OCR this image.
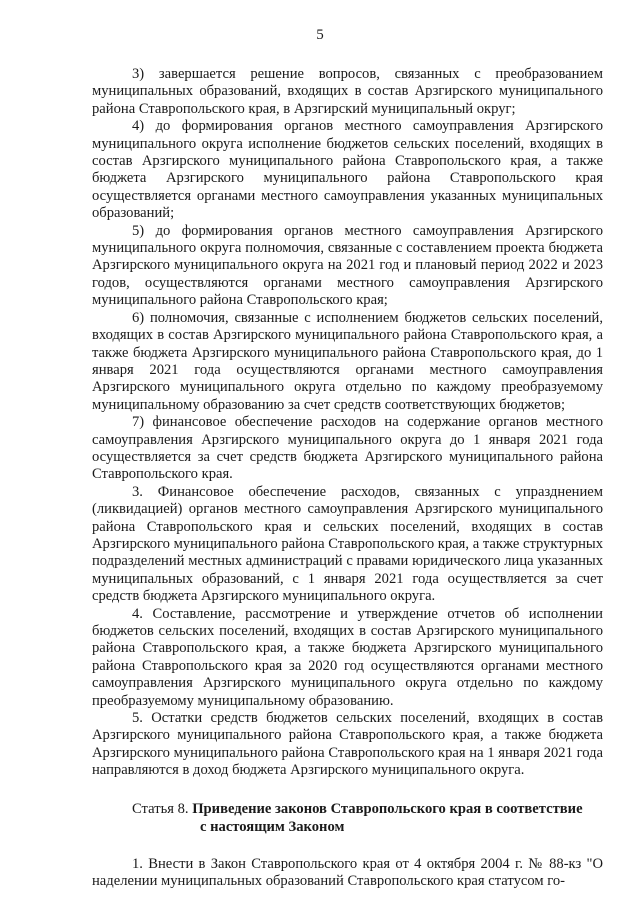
5

3) завершается решение вопросов, связанных с преобразованием муниципальных образований, входящих в состав Арзгирского муниципального района Ставропольского края, в Арзгирский муниципальный округ;

4) до формирования органов местного самоуправления Арзгирского муниципального округа исполнение бюджетов сельских поселений, входящих в состав Арзгирского муниципального района Ставропольского края, а также бюджета Арзгирского муниципального района Ставропольского края осуществляется органами местного самоуправления указанных муниципальных образований;

5) до формирования органов местного самоуправления Арзгирского муниципального округа полномочия, связанные с составлением проекта бюджета Арзгирского муниципального округа на 2021 год и плановый период 2022 и 2023 годов, осуществляются органами местного самоуправления Арзгирского муниципального района Ставропольского края;

6) полномочия, связанные с исполнением бюджетов сельских поселений, входящих в состав Арзгирского муниципального района Ставропольского края, а также бюджета Арзгирского муниципального района Ставропольского края, до 1 января 2021 года осуществляются органами местного самоуправления Арзгирского муниципального округа отдельно по каждому преобразуемому муниципальному образованию за счет средств соответствующих бюджетов;

7) финансовое обеспечение расходов на содержание органов местного самоуправления Арзгирского муниципального округа до 1 января 2021 года осуществляется за счет средств бюджета Арзгирского муниципального района Ставропольского края.

3. Финансовое обеспечение расходов, связанных с упразднением (ликвидацией) органов местного самоуправления Арзгирского муниципального района Ставропольского края и сельских поселений, входящих в состав Арзгирского муниципального района Ставропольского края, а также структурных подразделений местных администраций с правами юридического лица указанных муниципальных образований, с 1 января 2021 года осуществляется за счет средств бюджета Арзгирского муниципального округа.

4. Составление, рассмотрение и утверждение отчетов об исполнении бюджетов сельских поселений, входящих в состав Арзгирского муниципального района Ставропольского края, а также бюджета Арзгирского муниципального района Ставропольского края за 2020 год осуществляются органами местного самоуправления Арзгирского муниципального округа отдельно по каждому преобразуемому муниципальному образованию.

5. Остатки средств бюджетов сельских поселений, входящих в состав Арзгирского муниципального района Ставропольского края, а также бюджета Арзгирского муниципального района Ставропольского края на 1 января 2021 года направляются в доход бюджета Арзгирского муниципального округа.

Статья 8. Приведение законов Ставропольского края в соответствие
с настоящим Законом

1. Внести в Закон Ставропольского края от 4 октября 2004 г. № 88-кз "О наделении муниципальных образований Ставропольского края статусом го-
